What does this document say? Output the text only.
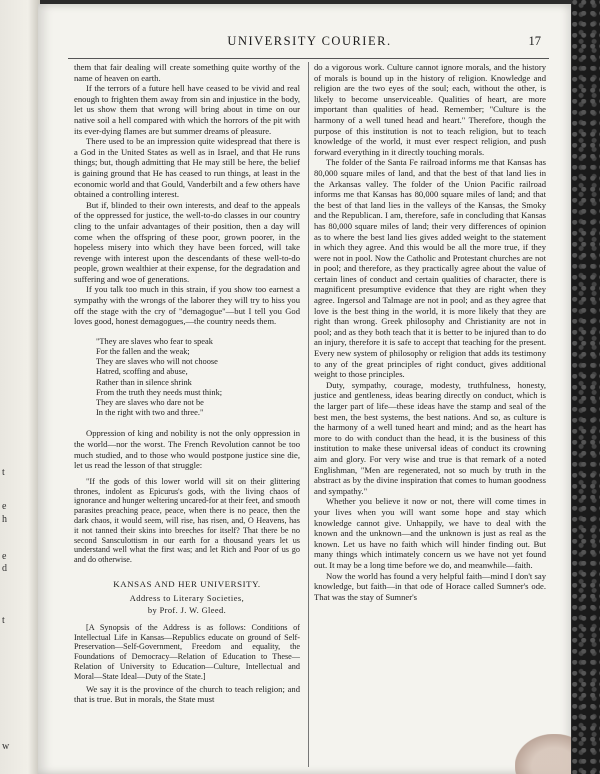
t
e
h
e
d
t
w
UNIVERSITY COURIER.	17

them that fair dealing will create something quite worthy of the name of heaven on earth.

If the terrors of a future hell have ceased to be vivid and real enough to frighten them away from sin and injustice in the body, let us show them that wrong will bring about in time on our native soil a hell compared with which the horrors of the pit with its ever-dying flames are but summer dreams of pleasure.

There used to be an impression quite widespread that there is a God in the United States as well as in Israel, and that He runs things; but, though admitting that He may still be here, the belief is gaining ground that He has ceased to run things, at least in the economic world and that Gould, Vanderbilt and a few others have obtained a controlling interest.

But if, blinded to their own interests, and deaf to the appeals of the oppressed for justice, the well-to-do classes in our country cling to the unfair advantages of their position, then a day will come when the offspring of these poor, grown poorer, in the hopeless misery into which they have been forced, will take revenge with interest upon the descendants of these well-to-do people, grown wealthier at their expense, for the degradation and suffering and woe of generations.

If you talk too much in this strain, if you show too earnest a sympathy with the wrongs of the laborer they will try to hiss you off the stage with the cry of "demagogue"—but I tell you God loves good, honest demagogues,—the country needs them.

"They are slaves who fear to speak
For the fallen and the weak;
They are slaves who will not choose
Hatred, scoffing and abuse,
Rather than in silence shrink
From the truth they needs must think;
They are slaves who dare not be
In the right with two and three."

Oppression of king and nobility is not the only oppression in the world—nor the worst. The French Revolution cannot be too much studied, and to those who would postpone justice sine die, let us read the lesson of that struggle:

"If the gods of this lower world will sit on their glittering thrones, indolent as Epicurus's gods, with the living chaos of ignorance and hunger weltering uncared-for at their feet, and smooth parasites preaching peace, peace, when there is no peace, then the dark chaos, it would seem, will rise, has risen, and, O Heavens, has it not tanned their skins into breeches for itself? That there be no second Sansculottism in our earth for a thousand years let us understand well what the first was; and let Rich and Poor of us go and do otherwise.

KANSAS AND HER UNIVERSITY.
Address to Literary Societies,
by Prof. J. W. Gleed.

[A Synopsis of the Address is as follows: Conditions of Intellectual Life in Kansas—Republics educate on ground of Self-Preservation—Self-Government, Freedom and equality, the Foundations of Democracy—Relation of Education to These—Relation of University to Education—Culture, Intellectual and Moral—State Ideal—Duty of the State.]

We say it is the province of the church to teach religion; and that is true. But in morals, the State must

do a vigorous work. Culture cannot ignore morals, and the history of morals is bound up in the history of religion. Knowledge and religion are the two eyes of the soul; each, without the other, is likely to become unserviceable. Qualities of heart, are more important than qualities of head. Remember; "Culture is the harmony of a well tuned head and heart." Therefore, though the purpose of this institution is not to teach religion, but to teach knowledge of the world, it must ever respect religion, and push forward everything in it directly touching morals.

The folder of the Santa Fe railroad informs me that Kansas has 80,000 square miles of land, and that the best of that land lies in the Arkansas valley. The folder of the Union Pacific railroad informs me that Kansas has 80,000 square miles of land; and that the best of that land lies in the valleys of the Kansas, the Smoky and the Republican. I am, therefore, safe in concluding that Kansas has 80,000 square miles of land; their very differences of opinion as to where the best land lies gives added weight to the statement in which they agree. And this would be all the more true, if they were not in pool. Now the Catholic and Protestant churches are not in pool; and therefore, as they practically agree about the value of certain lines of conduct and certain qualities of character, there is magnificent presumptive evidence that they are right when they agree. Ingersol and Talmage are not in pool; and as they agree that love is the best thing in the world, it is more likely that they are right than wrong. Greek philosophy and Christianity are not in pool; and as they both teach that it is better to be injured than to do an injury, therefore it is safe to accept that teaching for the present. Every new system of philosophy or religion that adds its testimony to any of the great principles of right conduct, gives additional weight to those principles.

Duty, sympathy, courage, modesty, truthfulness, honesty, justice and gentleness, ideas bearing directly on conduct, which is the larger part of life—these ideas have the stamp and seal of the best men, the best systems, the best nations. And so, as culture is the harmony of a well tuned heart and mind; and as the heart has more to do with conduct than the head, it is the business of this institution to make these universal ideas of conduct its crowning aim and glory. For very wise and true is that remark of a noted Englishman, "Men are regenerated, not so much by truth in the abstract as by the divine inspiration that comes to human goodness and sympathy."

Whether you believe it now or not, there will come times in your lives when you will want some hope and stay which knowledge cannot give. Unhappily, we have to deal with the known and the unknown—and the unknown is just as real as the known. Let us have no faith which will hinder finding out. But many things which intimately concern us we have not yet found out. It may be a long time before we do, and meanwhile—faith.

Now the world has found a very helpful faith—mind I don't say knowledge, but faith—in that ode of Horace called Sumner's ode. That was the stay of Sumner's
